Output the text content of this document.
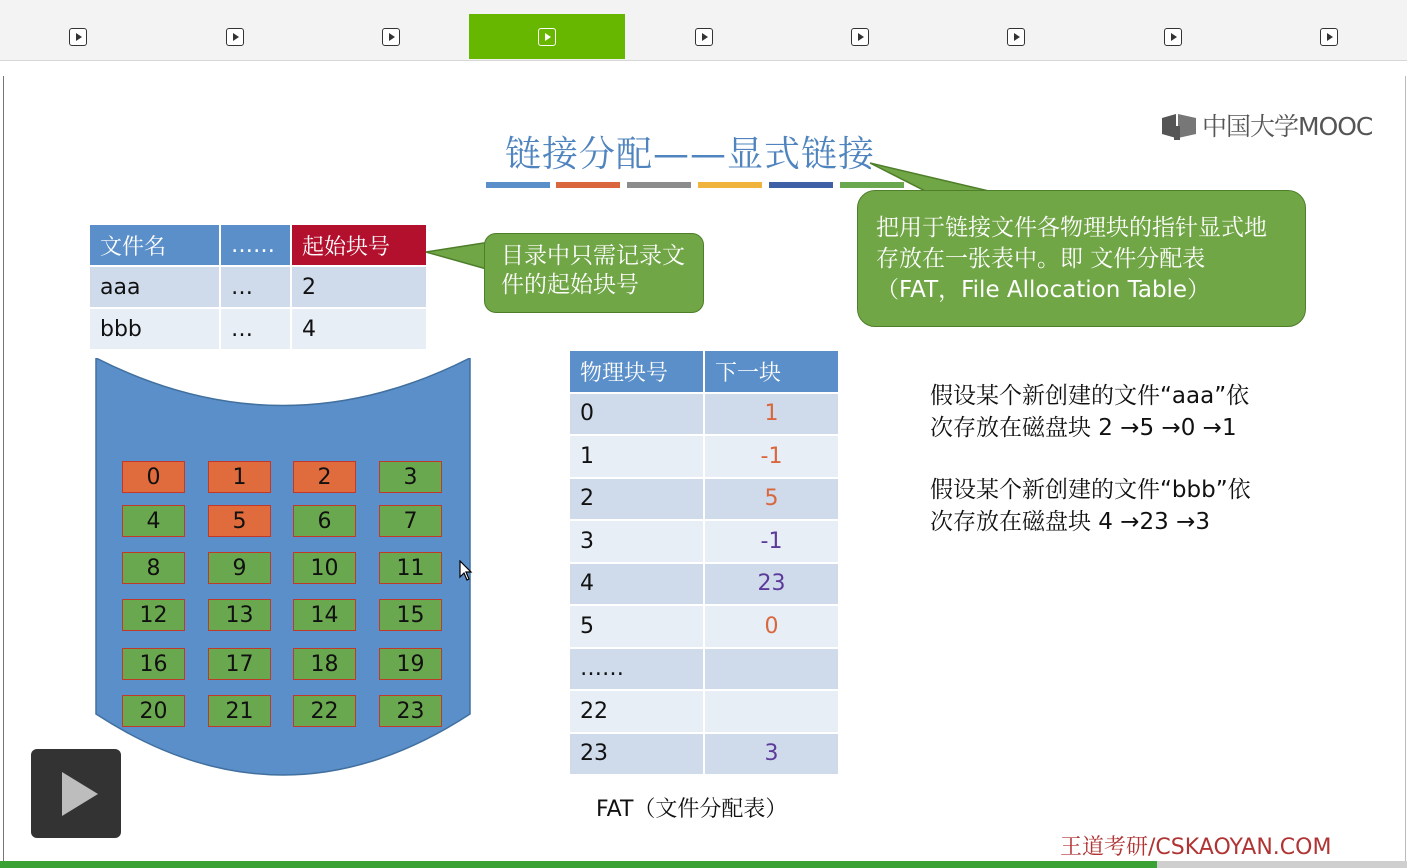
链接分配——显式链接
中国大学MOOC
文件名	……	起始块号
aaa	…	2
bbb	…	4
目录中只需记录文件的起始块号
把用于链接文件各物理块的指针显式地存放在一张表中。即 文件分配表（FAT，File Allocation Table）
0	1	2	3
4	5	6	7
8	9	10	11
12	13	14	15
16	17	18	19
20	21	22	23
物理块号	下一块
0	1
1	-1
2	5
3	-1
4	23
5	0
……	
22	
23	3
FAT（文件分配表）
假设某个新创建的文件“aaa”依
次存放在磁盘块 2 →5 →0 →1
假设某个新创建的文件“bbb”依
次存放在磁盘块 4 →23 →3
王道考研/CSKAOYAN.COM
